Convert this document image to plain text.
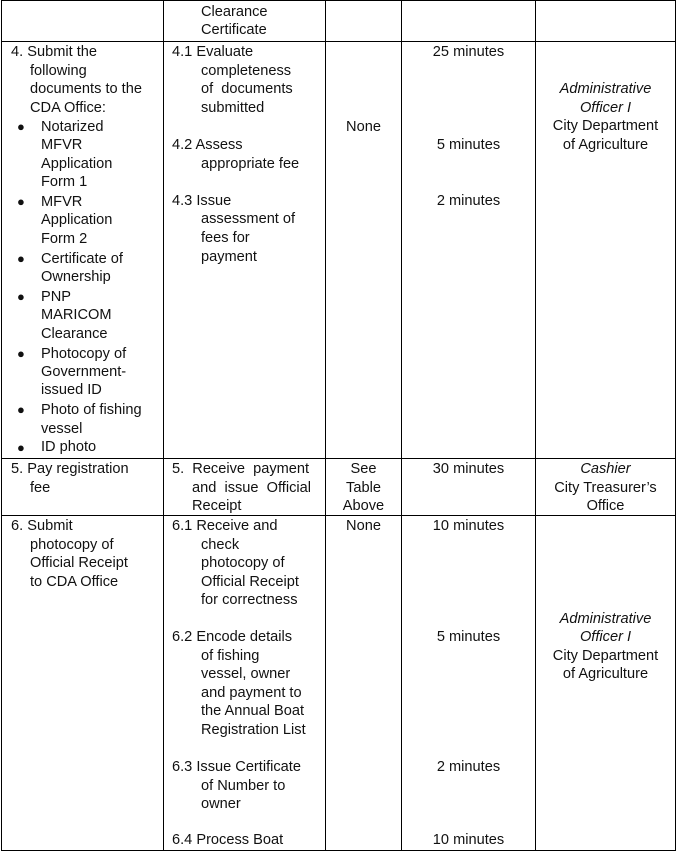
Clearance
Certificate
4. Submit the
following
documents to the
CDA Office:
● Notarized
MFVR
Application
Form 1
● MFVR
Application
Form 2
● Certificate of
Ownership
● PNP
MARICOM
Clearance
● Photocopy of
Government-
issued ID
● Photo of fishing
vessel
● ID photo
4.1 Evaluate
completeness
of  documents
submitted
4.2 Assess
appropriate fee
4.3 Issue
assessment of
fees for
payment
None
25 minutes
5 minutes
2 minutes
Administrative
Officer I
City Department
of Agriculture
5. Pay registration
fee
5.  Receive  payment
and  issue  Official
Receipt
See
Table
Above
30 minutes	Cashier
City Treasurer’s
Office
6. Submit
photocopy of
Official Receipt
to CDA Office
6.1 Receive and
check
photocopy of
Official Receipt
for correctness
6.2 Encode details
of fishing
vessel, owner
and payment to
the Annual Boat
Registration List
6.3 Issue Certificate
of Number to
owner
6.4 Process Boat
None	10 minutes
5 minutes
2 minutes
10 minutes
Administrative
Officer I
City Department
of Agriculture
